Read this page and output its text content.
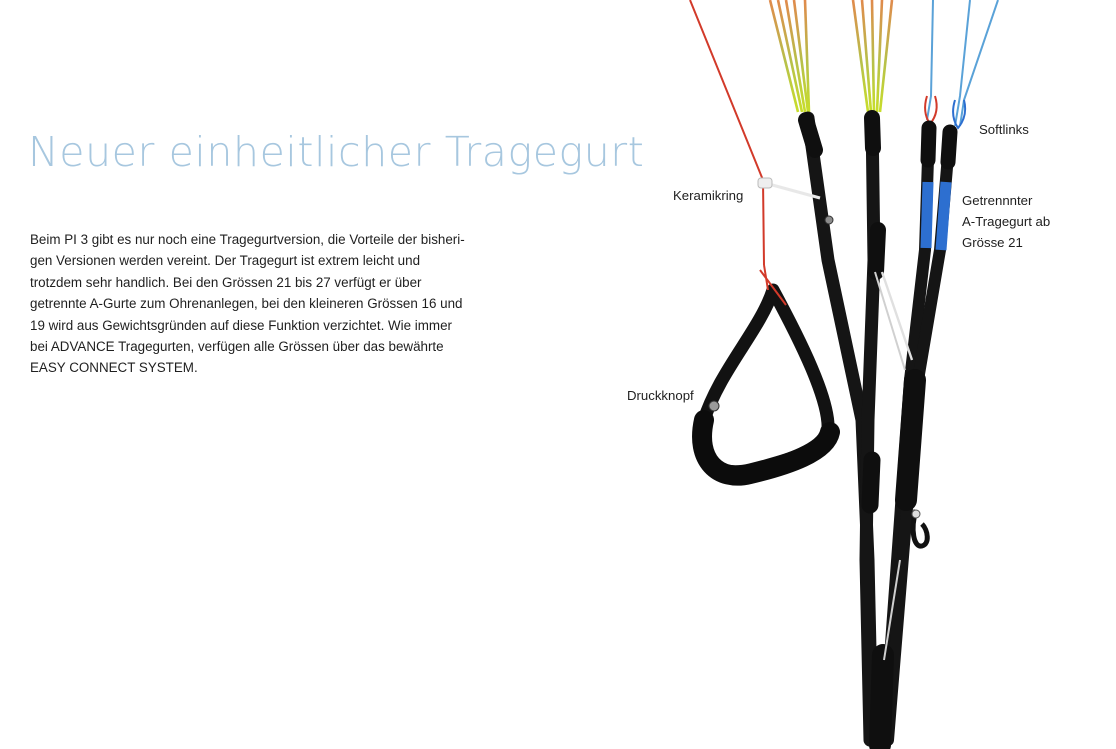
Neuer einheitlicher Tragegurt
Beim PI 3 gibt es nur noch eine Tragegurtversion, die Vorteile der bisheri-
gen Versionen werden vereint. Der Tragegurt ist extrem leicht und
trotzdem sehr handlich. Bei den Grössen 21 bis 27 verfügt er über
getrennte A-Gurte zum Ohrenanlegen, bei den kleineren Grössen 16 und
19 wird aus Gewichtsgründen auf diese Funktion verzichtet. Wie immer
bei ADVANCE Tragegurten, verfügen alle Grössen über das bewährte
EASY CONNECT SYSTEM.
Softlinks
Keramikring	Getrennnter
A-Tragegurt ab
Grösse 21
Druckknopf
